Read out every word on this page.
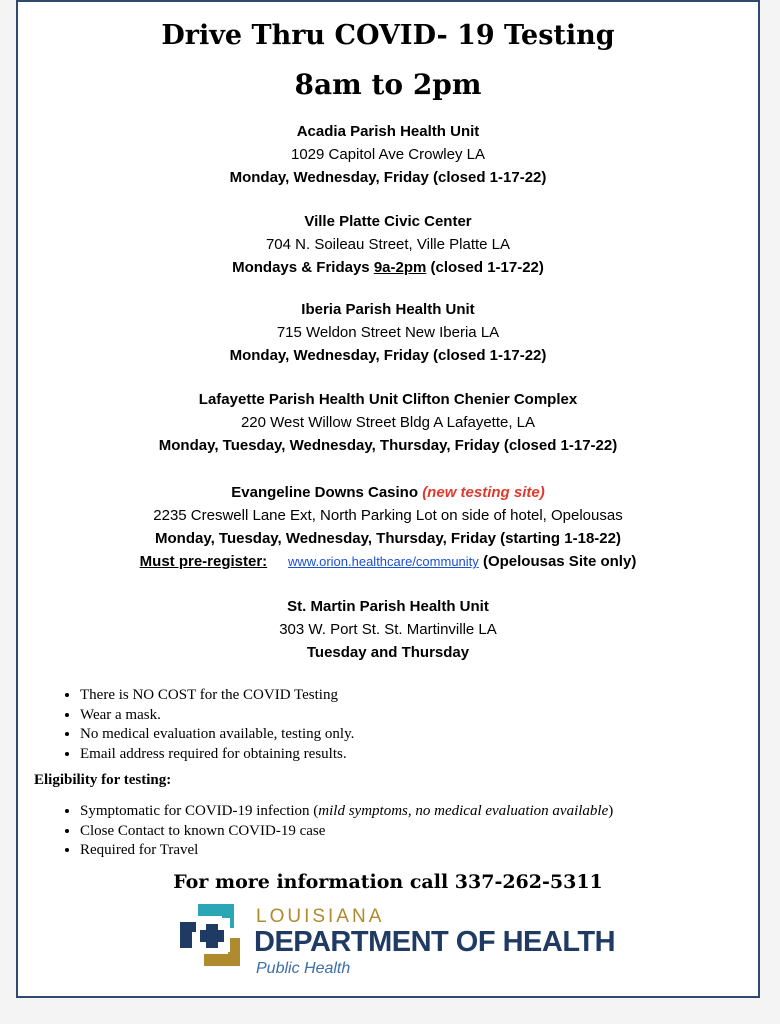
Drive Thru COVID- 19 Testing
8am to 2pm
Acadia Parish Health Unit
1029 Capitol Ave Crowley LA
Monday, Wednesday, Friday (closed 1-17-22)
Ville Platte Civic Center
704 N. Soileau Street, Ville Platte LA
Mondays & Fridays 9a-2pm (closed 1-17-22)
Iberia Parish Health Unit
715 Weldon Street New Iberia LA
Monday, Wednesday, Friday (closed 1-17-22)
Lafayette Parish Health Unit Clifton Chenier Complex
220 West Willow Street Bldg A Lafayette, LA
Monday, Tuesday, Wednesday, Thursday, Friday (closed 1-17-22)
Evangeline Downs Casino (new testing site)
2235 Creswell Lane Ext, North Parking Lot on side of hotel, Opelousas
Monday, Tuesday, Wednesday, Thursday, Friday (starting 1-18-22)
Must pre-register: www.orion.healthcare/community (Opelousas Site only)
St. Martin Parish Health Unit
303 W. Port St. St. Martinville LA
Tuesday and Thursday
• There is NO COST for the COVID Testing
• Wear a mask.
• No medical evaluation available, testing only.
• Email address required for obtaining results.
Eligibility for testing:
• Symptomatic for COVID-19 infection (mild symptoms, no medical evaluation available)
• Close Contact to known COVID-19 case
• Required for Travel
For more information call 337-262-5311
LOUISIANA
DEPARTMENT OF HEALTH
Public Health
